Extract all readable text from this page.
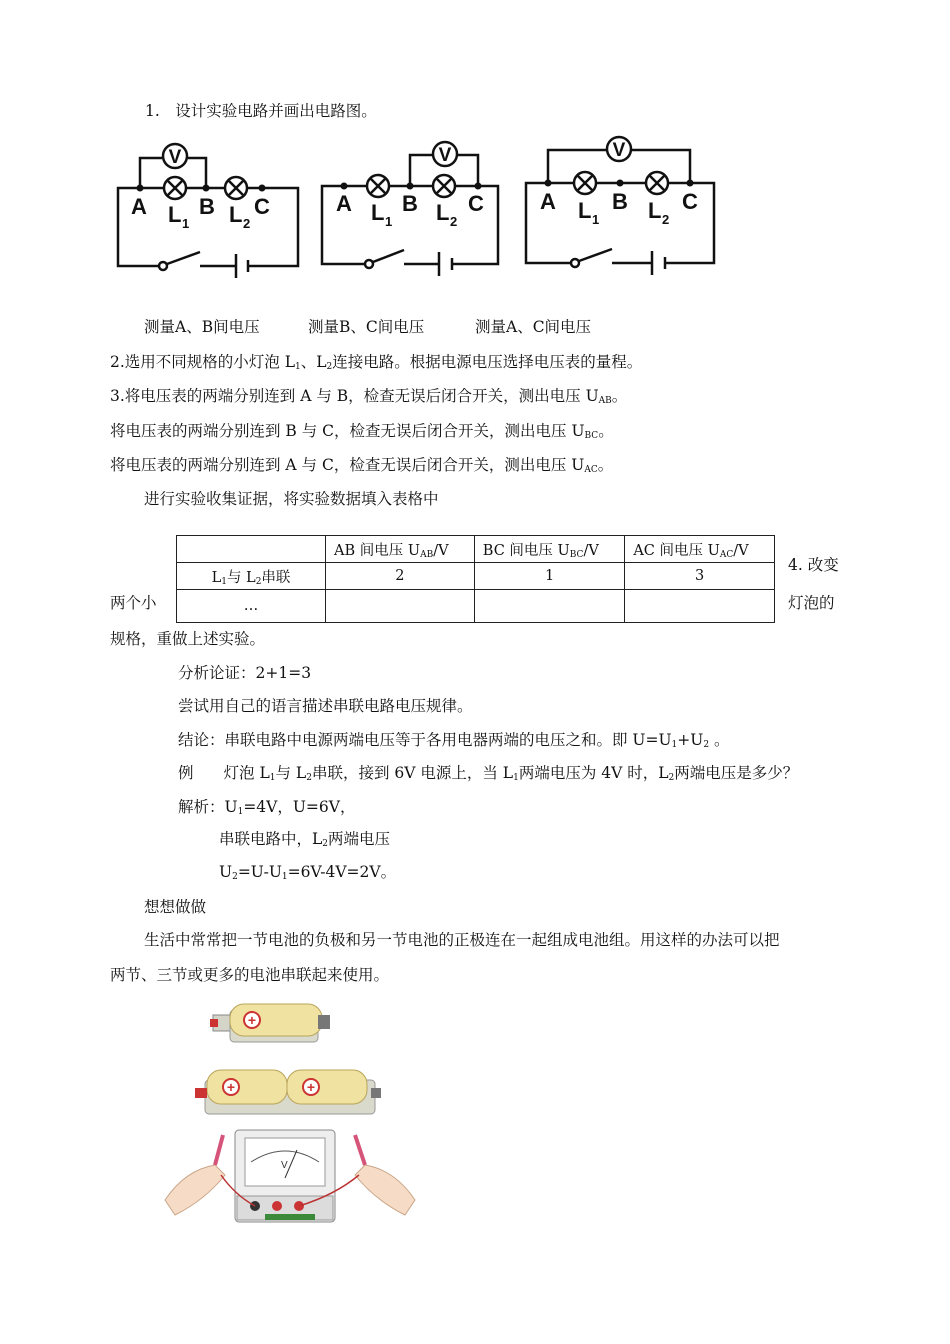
1.　设计实验电路并画出电路图。
V	V	V
A L 1
B L 2
C	A L 1
B L 2
C	A L 1
B L 2
C
测量A、B间电压	测量B、C间电压	测量A、C间电压
2.选用不同规格的小灯泡 $L_1$、$L_2$连接电路。根据电源电压选择电压表的量程。
3.将电压表的两端分别连到 A 与 B，检查无误后闭合开关，测出电压 $U_{AB}$。
将电压表的两端分别连到 B 与 C，检查无误后闭合开关，测出电压 $U_{BC}$。
将电压表的两端分别连到 A 与 C，检查无误后闭合开关，测出电压 $U_{AC}$。
进行实验收集证据，将实验数据填入表格中
	AB 间电压 $U_{AB}/V$	BC 间电压 $U_{BC}/V$	AC 间电压 $U_{AC}/V$
$L_1$与 $L_2$串联	2	1	3
…			
4. 改变
两个小	灯泡的
规格，重做上述实验。
分析论证：2+1=3
尝试用自己的语言描述串联电路电压规律。
结论：串联电路中电源两端电压等于各用电器两端的电压之和。即 $U=U_1+U_2$ 。
例 灯泡 $L_1$与 $L_2$串联，接到 6V 电源上，当 $L_1$两端电压为 4V 时，$L_2$两端电压是多少？
解析：$U_1=4V$，U=6V，
串联电路中，$L_2$两端电压
$U_2=U-U_1=6V-4V=2V$。
想想做做
生活中常常把一节电池的负极和另一节电池的正极连在一起组成电池组。用这样的办法可以把
两节、三节或更多的电池串联起来使用。
+
+	+
V
